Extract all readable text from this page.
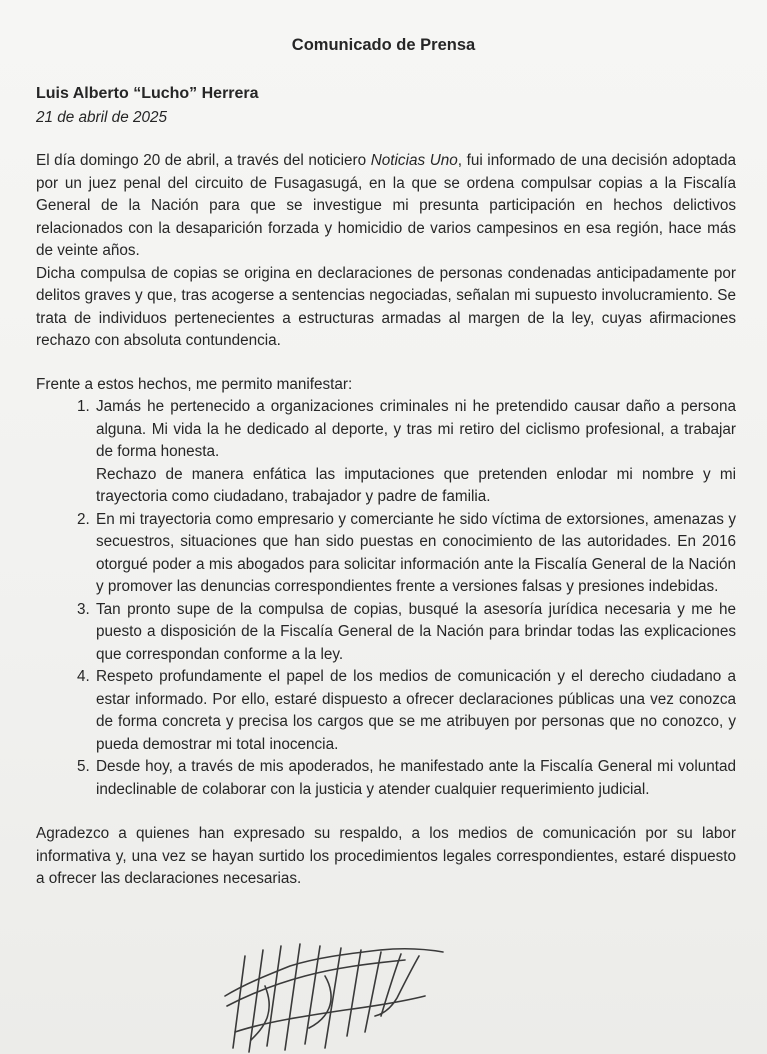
Comunicado de Prensa

Luis Alberto “Lucho” Herrera

21 de abril de 2025

El día domingo 20 de abril, a través del noticiero Noticias Uno, fui informado de una decisión adoptada por un juez penal del circuito de Fusagasugá, en la que se ordena compulsar copias a la Fiscalía General de la Nación para que se investigue mi presunta participación en hechos delictivos relacionados con la desaparición forzada y homicidio de varios campesinos en esa región, hace más de veinte años.

Dicha compulsa de copias se origina en declaraciones de personas condenadas anticipadamente por delitos graves y que, tras acogerse a sentencias negociadas, señalan mi supuesto involucramiento. Se trata de individuos pertenecientes a estructuras armadas al margen de la ley, cuyas afirmaciones rechazo con absoluta contundencia.

Frente a estos hechos, me permito manifestar:

1. Jamás he pertenecido a organizaciones criminales ni he pretendido causar daño a persona alguna. Mi vida la he dedicado al deporte, y tras mi retiro del ciclismo profesional, a trabajar de forma honesta.
Rechazo de manera enfática las imputaciones que pretenden enlodar mi nombre y mi trayectoria como ciudadano, trabajador y padre de familia.
2. En mi trayectoria como empresario y comerciante he sido víctima de extorsiones, amenazas y secuestros, situaciones que han sido puestas en conocimiento de las autoridades. En 2016 otorgué poder a mis abogados para solicitar información ante la Fiscalía General de la Nación y promover las denuncias correspondientes frente a versiones falsas y presiones indebidas.
3. Tan pronto supe de la compulsa de copias, busqué la asesoría jurídica necesaria y me he puesto a disposición de la Fiscalía General de la Nación para brindar todas las explicaciones que correspondan conforme a la ley.
4. Respeto profundamente el papel de los medios de comunicación y el derecho ciudadano a estar informado. Por ello, estaré dispuesto a ofrecer declaraciones públicas una vez conozca de forma concreta y precisa los cargos que se me atribuyen por personas que no conozco, y pueda demostrar mi total inocencia.
5. Desde hoy, a través de mis apoderados, he manifestado ante la Fiscalía General mi voluntad indeclinable de colaborar con la justicia y atender cualquier requerimiento judicial.

Agradezco a quienes han expresado su respaldo, a los medios de comunicación por su labor informativa y, una vez se hayan surtido los procedimientos legales correspondientes, estaré dispuesto a ofrecer las declaraciones necesarias.
